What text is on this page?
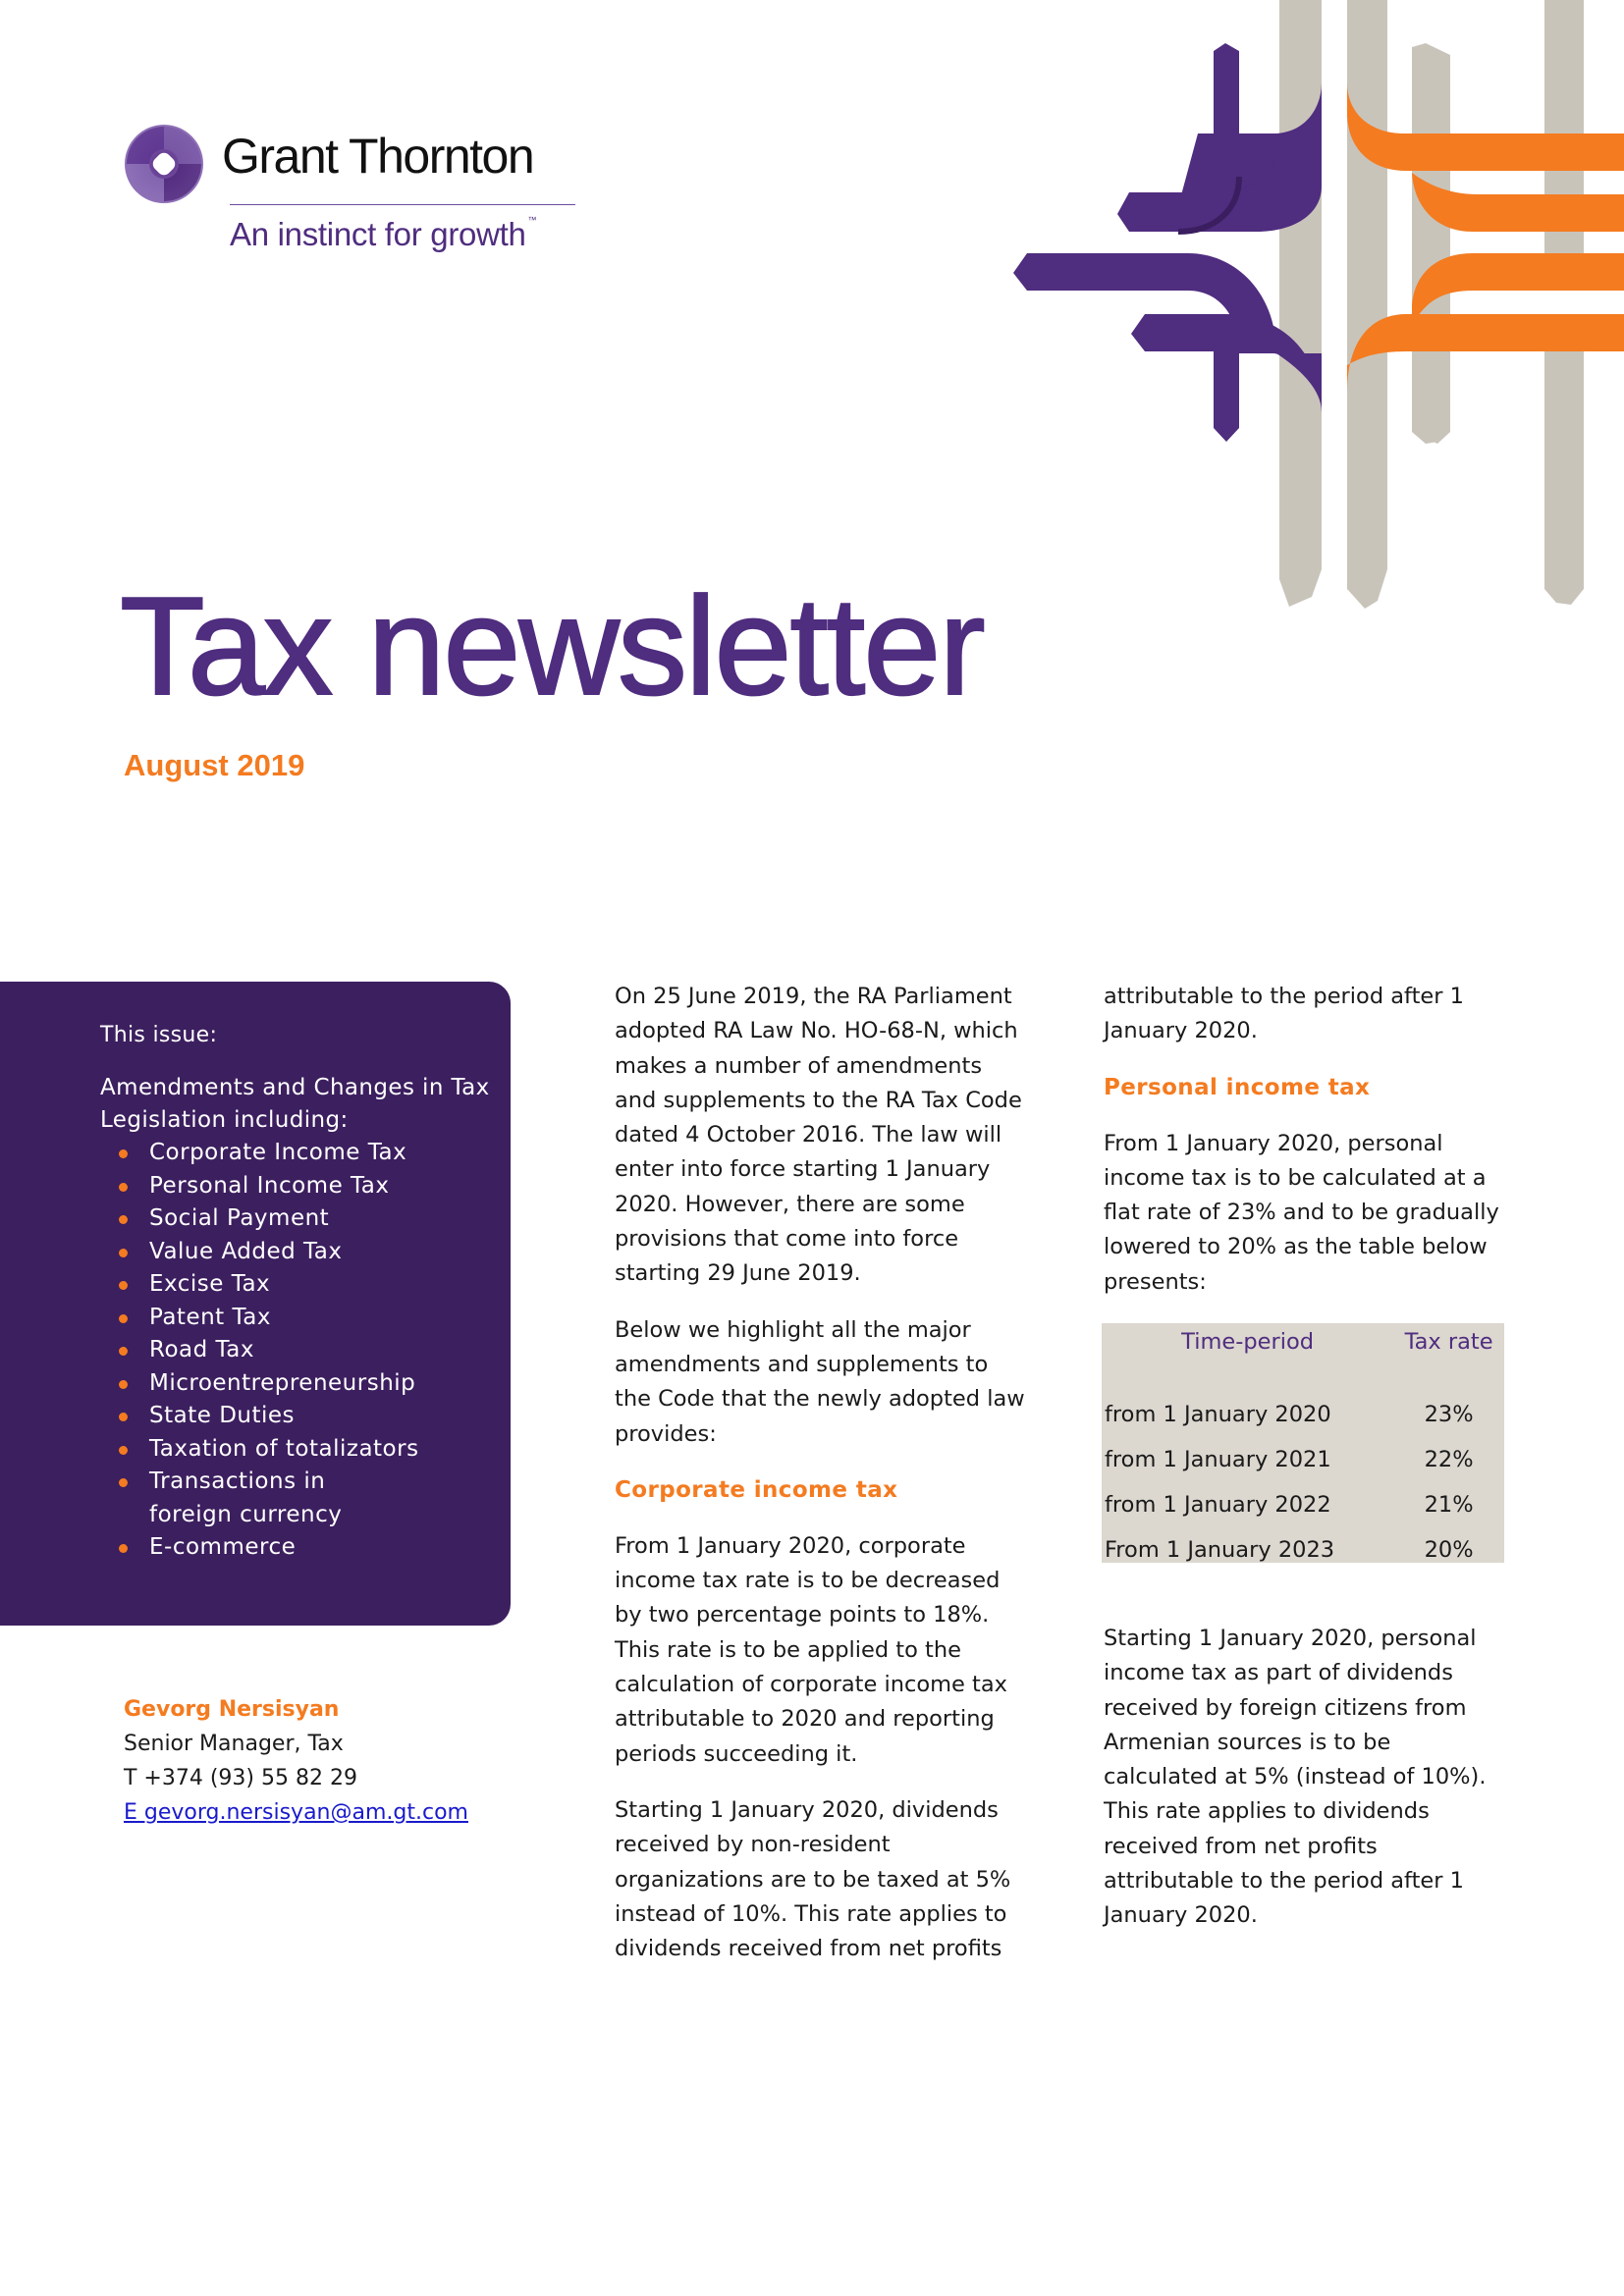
Grant Thornton
An instinct for growth ™
Tax newsletter
August 2019
This issue:
Amendments and Changes in Tax Legislation including:
Corporate Income Tax
Personal Income Tax
Social Payment
Value Added Tax
Excise Tax
Patent Tax
Road Tax
Microentrepreneurship
State Duties
Taxation of totalizators
Transactions in foreign currency
E-commerce
Gevorg Nersisyan
Senior Manager, Tax
T +374 (93) 55 82 29
E gevorg.nersisyan@am.gt.com

On 25 June 2019, the RA Parliament adopted RA Law No. HO-68-N, which makes a number of amendments and supplements to the RA Tax Code dated 4 October 2016. The law will enter into force starting 1 January 2020. However, there are some provisions that come into force starting 29 June 2019.

Below we highlight all the major amendments and supplements to the Code that the newly adopted law provides:

Corporate income tax

From 1 January 2020, corporate income tax rate is to be decreased by two percentage points to 18%. This rate is to be applied to the calculation of corporate income tax attributable to 2020 and reporting periods succeeding it.

Starting 1 January 2020, dividends received by non-resident organizations are to be taxed at 5% instead of 10%. This rate applies to dividends received from net profits

attributable to the period after 1 January 2020.

Personal income tax

From 1 January 2020, personal income tax is to be calculated at a flat rate of 23% and to be gradually lowered to 20% as the table below presents:

Time-period	Tax rate

from 1 January 2020	23%
from 1 January 2021	22%
from 1 January 2022	21%
From 1 January 2023	20%

Starting 1 January 2020, personal income tax as part of dividends received by foreign citizens from Armenian sources is to be calculated at 5% (instead of 10%). This rate applies to dividends received from net profits attributable to the period after 1 January 2020.
